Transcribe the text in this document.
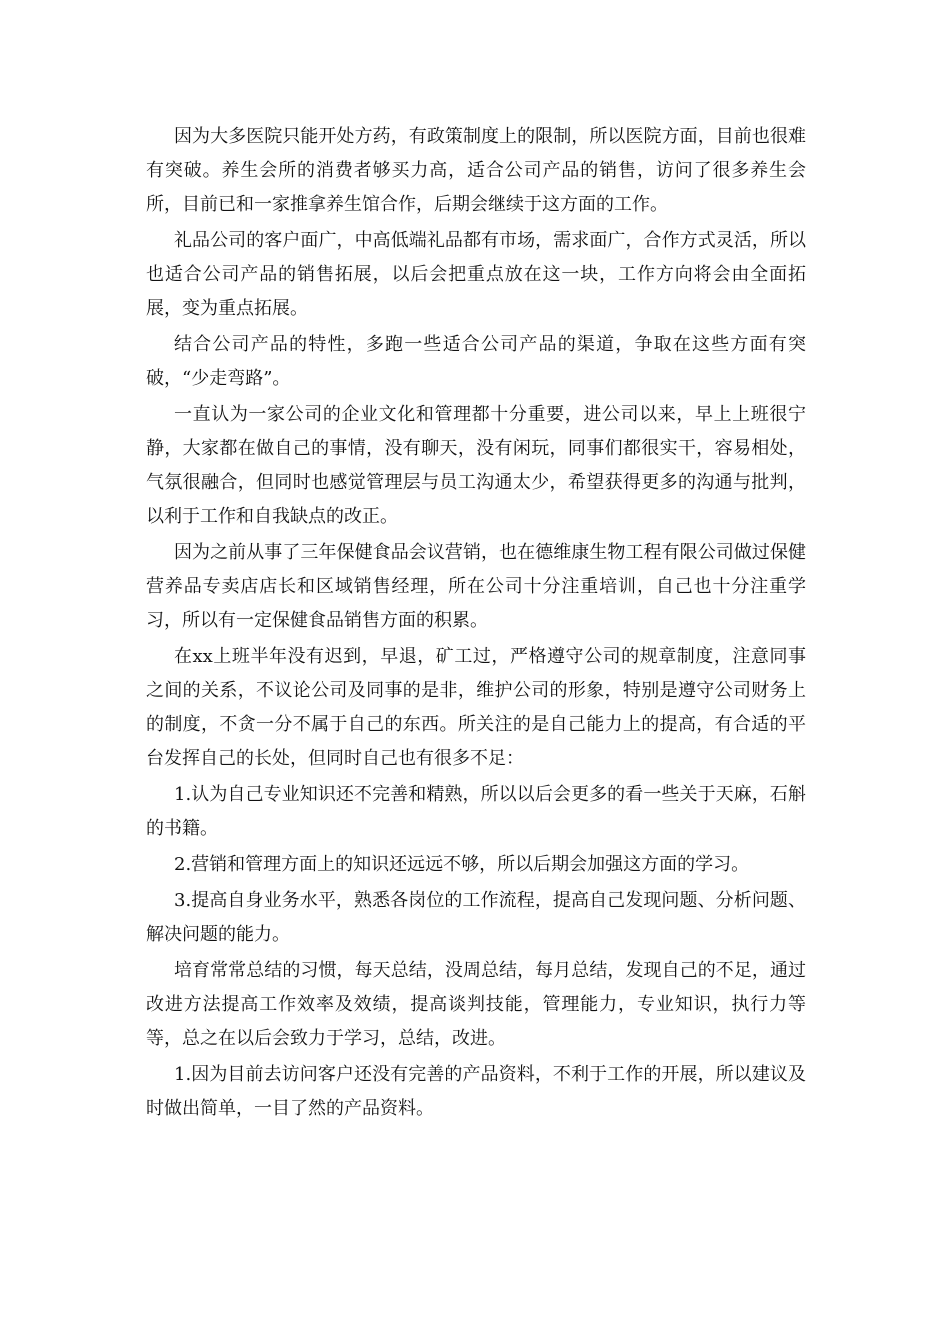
因为大多医院只能开处方药，有政策制度上的限制，所以医院方面，目前也很难有突破。养生会所的消费者够买力高，适合公司产品的销售，访问了很多养生会所，目前已和一家推拿养生馆合作，后期会继续于这方面的工作。

礼品公司的客户面广，中高低端礼品都有市场，需求面广，合作方式灵活，所以也适合公司产品的销售拓展，以后会把重点放在这一块，工作方向将会由全面拓展，变为重点拓展。

结合公司产品的特性，多跑一些适合公司产品的渠道，争取在这些方面有突破，“少走弯路”。

一直认为一家公司的企业文化和管理都十分重要，进公司以来，早上上班很宁静，大家都在做自己的事情，没有聊天，没有闲玩，同事们都很实干，容易相处，气氛很融合，但同时也感觉管理层与员工沟通太少，希望获得更多的沟通与批判，以利于工作和自我缺点的改正。

因为之前从事了三年保健食品会议营销，也在德维康生物工程有限公司做过保健营养品专卖店店长和区域销售经理，所在公司十分注重培训，自己也十分注重学习，所以有一定保健食品销售方面的积累。

在xx上班半年没有迟到，早退，矿工过，严格遵守公司的规章制度，注意同事之间的关系，不议论公司及同事的是非，维护公司的形象，特别是遵守公司财务上的制度，不贪一分不属于自己的东西。所关注的是自己能力上的提高，有合适的平台发挥自己的长处，但同时自己也有很多不足：

1.认为自己专业知识还不完善和精熟，所以以后会更多的看一些关于天麻，石斛的书籍。

2.营销和管理方面上的知识还远远不够，所以后期会加强这方面的学习。

3.提高自身业务水平，熟悉各岗位的工作流程，提高自己发现问题、分析问题、解决问题的能力。

培育常常总结的习惯，每天总结，没周总结，每月总结，发现自己的不足，通过改进方法提高工作效率及效绩，提高谈判技能，管理能力，专业知识，执行力等等，总之在以后会致力于学习，总结，改进。

1.因为目前去访问客户还没有完善的产品资料，不利于工作的开展，所以建议及时做出简单，一目了然的产品资料。
